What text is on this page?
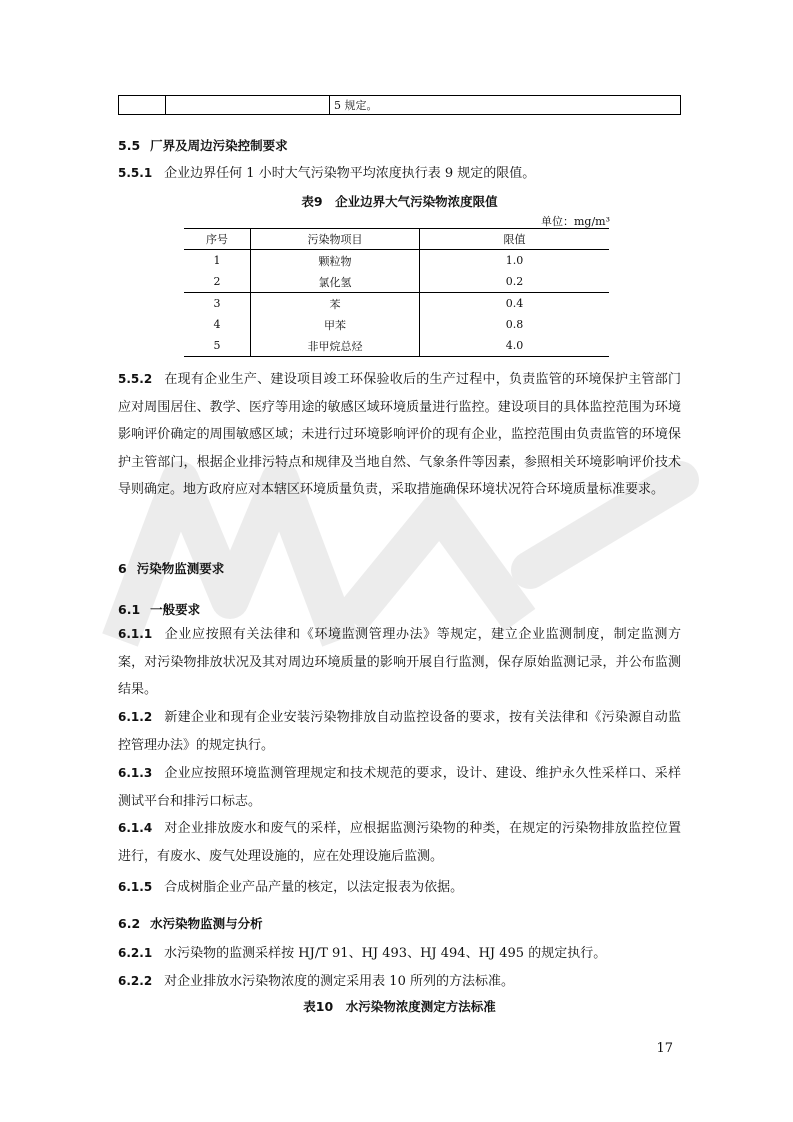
		5 规定。
5.5 厂界及周边污染控制要求
5.5.1 企业边界任何 1 小时大气污染物平均浓度执行表 9 规定的限值。
表9　企业边界大气污染物浓度限值
单位：mg/m³
序号	污染物项目	限值
1	颗粒物	1.0
2	氯化氢	0.2
3	苯	0.4
4	甲苯	0.8
5	非甲烷总烃	4.0
5.5.2 在现有企业生产、建设项目竣工环保验收后的生产过程中，负责监管的环境保护主管部门应对周围居住、教学、医疗等用途的敏感区域环境质量进行监控。建设项目的具体监控范围为环境影响评价确定的周围敏感区域；未进行过环境影响评价的现有企业，监控范围由负责监管的环境保护主管部门，根据企业排污特点和规律及当地自然、气象条件等因素，参照相关环境影响评价技术导则确定。地方政府应对本辖区环境质量负责，采取措施确保环境状况符合环境质量标准要求。
6 污染物监测要求
6.1 一般要求
6.1.1 企业应按照有关法律和《环境监测管理办法》等规定，建立企业监测制度，制定监测方案，对污染物排放状况及其对周边环境质量的影响开展自行监测，保存原始监测记录，并公布监测结果。
6.1.2 新建企业和现有企业安装污染物排放自动监控设备的要求，按有关法律和《污染源自动监控管理办法》的规定执行。
6.1.3 企业应按照环境监测管理规定和技术规范的要求，设计、建设、维护永久性采样口、采样测试平台和排污口标志。
6.1.4 对企业排放废水和废气的采样，应根据监测污染物的种类，在规定的污染物排放监控位置进行，有废水、废气处理设施的，应在处理设施后监测。
6.1.5 合成树脂企业产品产量的核定，以法定报表为依据。
6.2 水污染物监测与分析
6.2.1 水污染物的监测采样按 HJ/T 91、HJ 493、HJ 494、HJ 495 的规定执行。
6.2.2 对企业排放水污染物浓度的测定采用表 10 所列的方法标准。
表10　水污染物浓度测定方法标准
17
